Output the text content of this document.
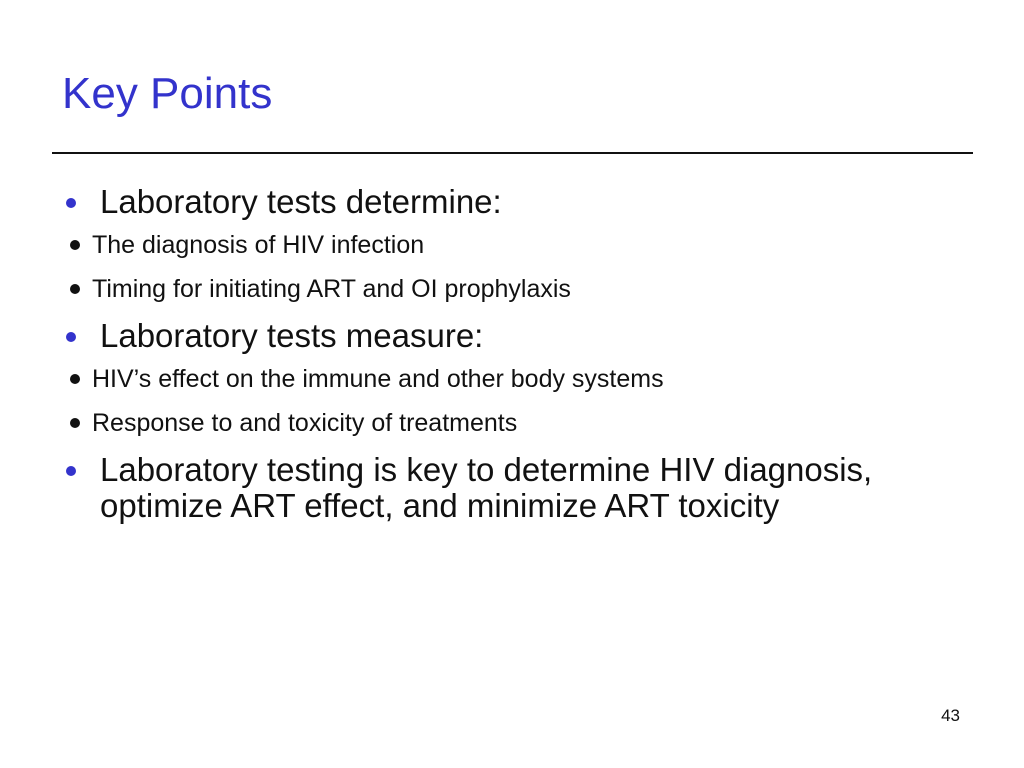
Key Points
Laboratory tests determine:
The diagnosis of HIV infection
Timing for initiating ART and OI prophylaxis
Laboratory tests measure:
HIV’s effect on the immune and other body systems
Response to and toxicity of treatments
Laboratory testing is key to determine HIV diagnosis, optimize ART effect, and minimize ART toxicity
43
